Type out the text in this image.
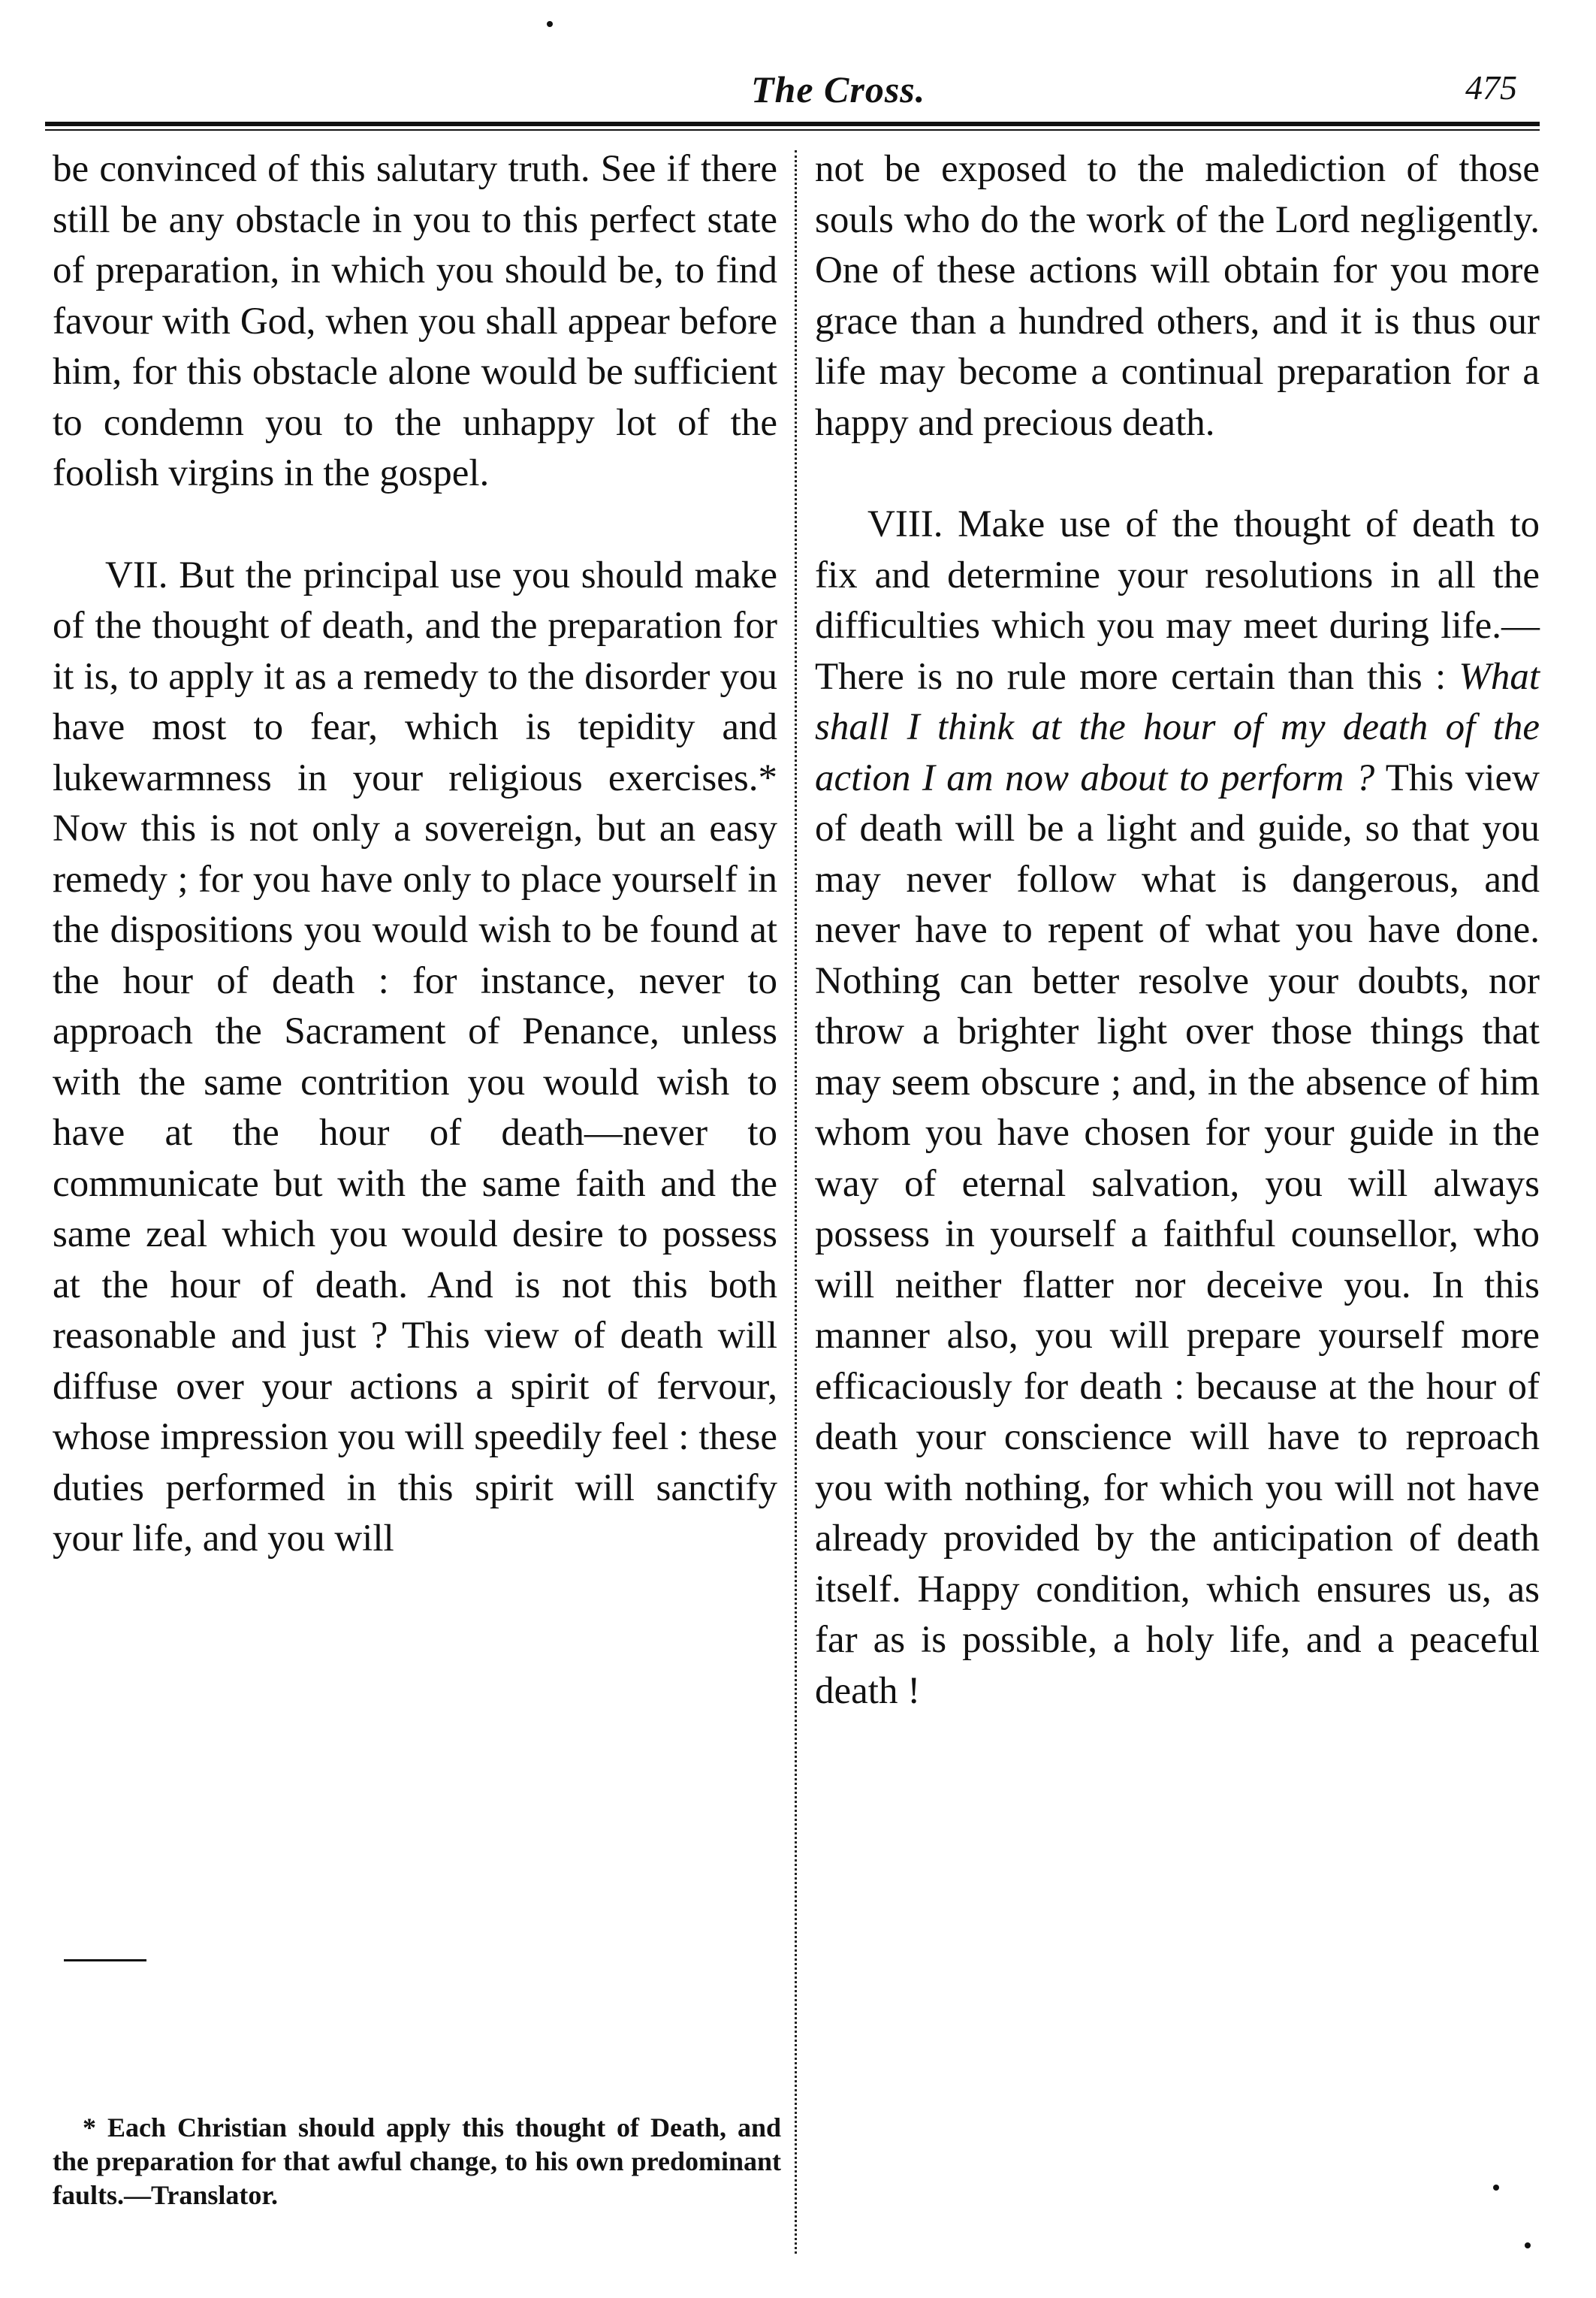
The Cross.	475

be convinced of this salutary truth. See if there still be any obstacle in you to this perfect state of preparation, in which you should be, to find favour with God, when you shall appear before him, for this obstacle alone would be sufficient to condemn you to the unhappy lot of the foolish virgins in the gospel.

VII. But the principal use you should make of the thought of death, and the preparation for it is, to apply it as a remedy to the disorder you have most to fear, which is tepidity and lukewarmness in your religious exercises.* Now this is not only a sovereign, but an easy remedy ; for you have only to place yourself in the dispositions you would wish to be found at the hour of death : for instance, never to approach the Sacrament of Penance, unless with the same contrition you would wish to have at the hour of death—never to communicate but with the same faith and the same zeal which you would desire to possess at the hour of death. And is not this both reasonable and just ? This view of death will diffuse over your actions a spirit of fervour, whose impression you will speedily feel : these duties performed in this spirit will sanctify your life, and you will

not be exposed to the malediction of those souls who do the work of the Lord negligently. One of these actions will obtain for you more grace than a hundred others, and it is thus our life may become a continual preparation for a happy and precious death.

VIII. Make use of the thought of death to fix and determine your resolutions in all the difficulties which you may meet during life.—There is no rule more certain than this : What shall I think at the hour of my death of the action I am now about to perform ? This view of death will be a light and guide, so that you may never follow what is dangerous, and never have to repent of what you have done. Nothing can better resolve your doubts, nor throw a brighter light over those things that may seem obscure ; and, in the absence of him whom you have chosen for your guide in the way of eternal salvation, you will always possess in yourself a faithful counsellor, who will neither flatter nor deceive you. In this manner also, you will prepare yourself more efficaciously for death : because at the hour of death your conscience will have to reproach you with nothing, for which you will not have already provided by the anticipation of death itself. Happy condition, which ensures us, as far as is possible, a holy life, and a peaceful death !

* Each Christian should apply this thought of Death, and the preparation for that awful change, to his own predominant faults.—Translator.
